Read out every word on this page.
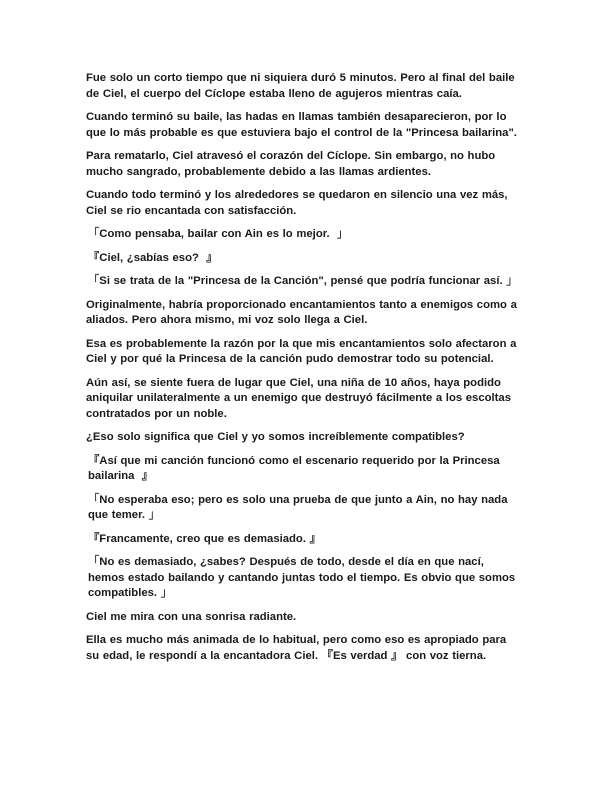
Fue solo un corto tiempo que ni siquiera duró 5 minutos. Pero al final del baile de Ciel, el cuerpo del Cíclope estaba lleno de agujeros mientras caía.

Cuando terminó su baile, las hadas en llamas también desaparecieron, por lo que lo más probable es que estuviera bajo el control de la "Princesa bailarina".

Para rematarlo, Ciel atravesó el corazón del Cíclope. Sin embargo, no hubo mucho sangrado, probablemente debido a las llamas ardientes.

Cuando todo terminó y los alrededores se quedaron en silencio una vez más, Ciel se rio encantada con satisfacción.

「Como pensaba, bailar con Ain es lo mejor.  」

『Ciel, ¿sabías eso?  』

「Si se trata de la "Princesa de la Canción", pensé que podría funcionar así. 」

Originalmente, habría proporcionado encantamientos tanto a enemigos como a aliados. Pero ahora mismo, mi voz solo llega a Ciel.

Esa es probablemente la razón por la que mis encantamientos solo afectaron a Ciel y por qué la Princesa de la canción pudo demostrar todo su potencial.

Aún así, se siente fuera de lugar que Ciel, una niña de 10 años, haya podido aniquilar unilateralmente a un enemigo que destruyó fácilmente a los escoltas contratados por un noble.

¿Eso solo significa que Ciel y yo somos increíblemente compatibles?

『Así que mi canción funcionó como el escenario requerido por la Princesa bailarina  』

「No esperaba eso; pero es solo una prueba de que junto a Ain, no hay nada que temer. 」

『Francamente, creo que es demasiado. 』

「No es demasiado, ¿sabes? Después de todo, desde el día en que nací, hemos estado bailando y cantando juntas todo el tiempo. Es obvio que somos compatibles. 」

Ciel me mira con una sonrisa radiante.

Ella es mucho más animada de lo habitual, pero como eso es apropiado para su edad, le respondí a la encantadora Ciel. 『Es verdad 』 con voz tierna.
